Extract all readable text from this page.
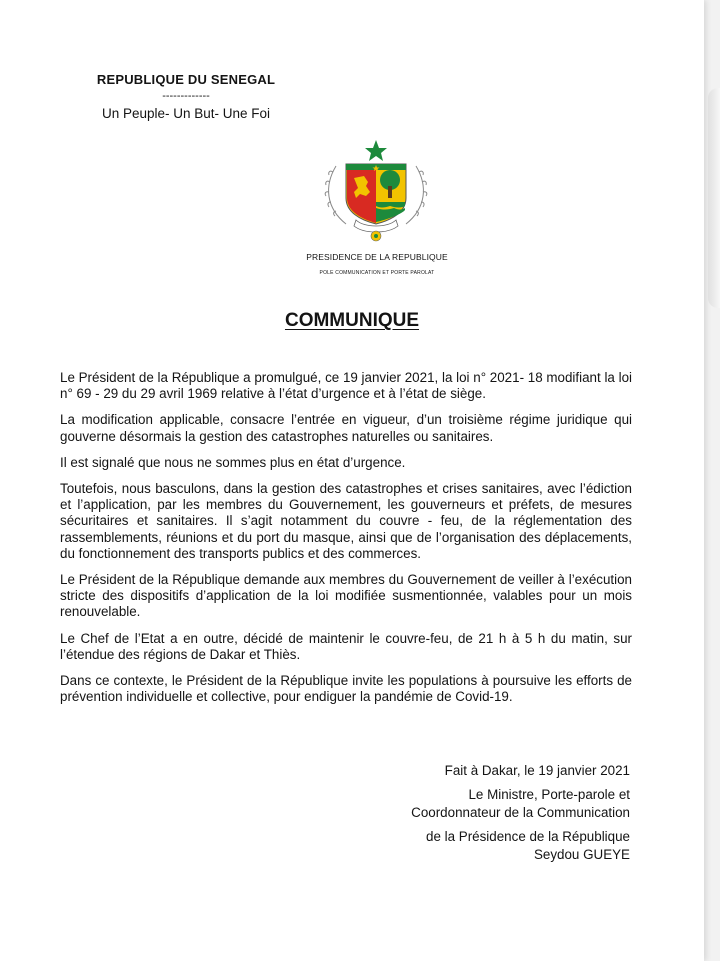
REPUBLIQUE DU SENEGAL
-------------
Un Peuple- Un But- Une Foi
PRESIDENCE DE LA REPUBLIQUE
POLE COMMUNICATION ET PORTE PAROLAT
COMMUNIQUE

Le Président de la République a promulgué, ce 19 janvier 2021, la loi n° 2021- 18 modifiant la loi n° 69 - 29 du 29 avril 1969 relative à l’état d’urgence et à l’état de siège.

La modification applicable, consacre l’entrée en vigueur, d’un troisième régime juridique qui gouverne désormais la gestion des catastrophes naturelles ou sanitaires.

Il est signalé que nous ne sommes plus en état d’urgence.

Toutefois, nous basculons, dans la gestion des catastrophes et crises sanitaires, avec l’édiction et l’application, par les membres du Gouvernement, les gouverneurs et préfets, de mesures sécuritaires et sanitaires. Il s’agit notamment du couvre - feu, de la réglementation des rassemblements, réunions et du port du masque, ainsi que de l’organisation des déplacements, du fonctionnement des transports publics et des commerces.

Le Président de la République demande aux membres du Gouvernement de veiller à l’exécution stricte des dispositifs d’application de la loi modifiée susmentionnée, valables pour un mois renouvelable.

Le Chef de l’Etat a en outre, décidé de maintenir le couvre-feu, de 21 h à 5 h du matin, sur l’étendue des régions de Dakar et Thiès.

Dans ce contexte, le Président de la République invite les populations à poursuive les efforts de prévention individuelle et collective, pour endiguer la pandémie de Covid-19.

Fait à Dakar, le 19 janvier 2021
Le Ministre, Porte-parole et
Coordonnateur de la Communication
de la Présidence de la République
Seydou GUEYE
